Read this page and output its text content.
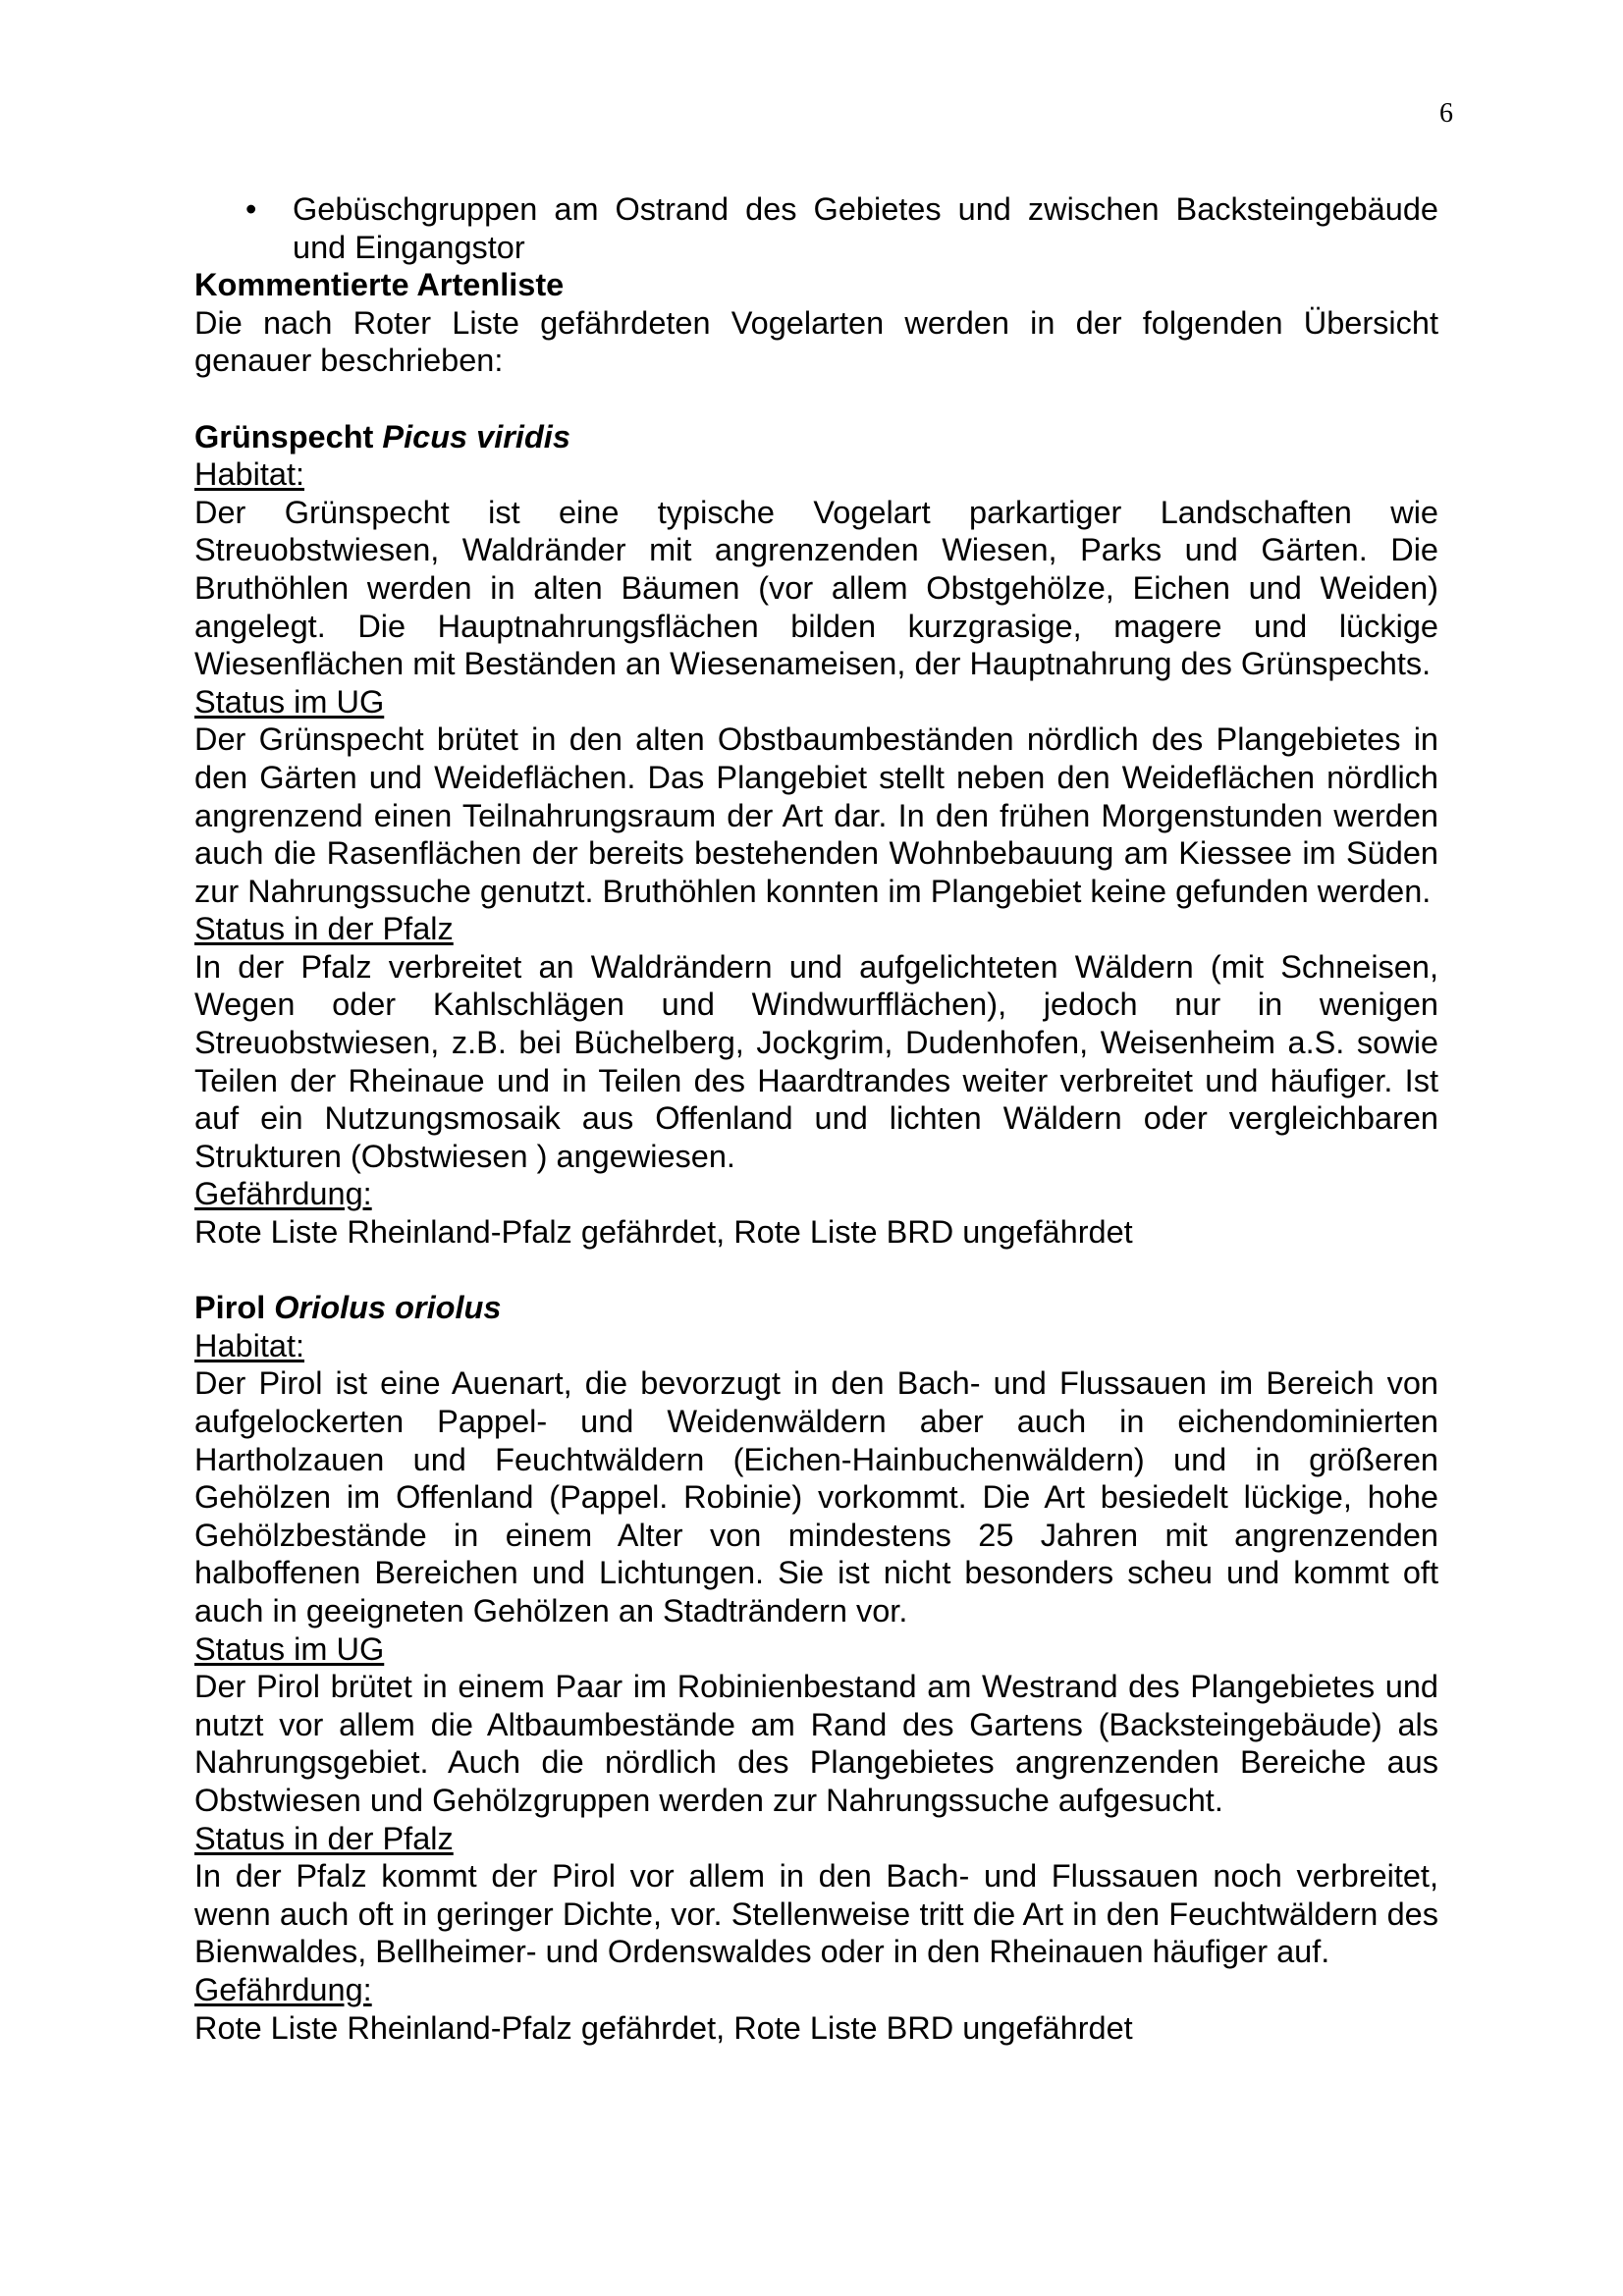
6
•	Gebüschgruppen am Ostrand des Gebietes und zwischen Backsteingebäude und Eingangstor

Kommentierte Artenliste

Die nach Roter Liste gefährdeten Vogelarten werden in der folgenden Übersicht genauer beschrieben:

Grünspecht Picus viridis

Habitat:

Der Grünspecht ist eine typische Vogelart parkartiger Landschaften wie Streuobstwiesen, Waldränder mit angrenzenden Wiesen, Parks und Gärten. Die Bruthöhlen werden in alten Bäumen (vor allem Obstgehölze, Eichen und Weiden) angelegt. Die Hauptnahrungsflächen bilden kurzgrasige, magere und lückige Wiesenflächen mit Beständen an Wiesenameisen, der Hauptnahrung des Grünspechts.

Status im UG

Der Grünspecht brütet in den alten Obstbaumbeständen nördlich des Plangebietes in den Gärten und Weideflächen. Das Plangebiet stellt neben den Weideflächen nördlich angrenzend einen Teilnahrungsraum der Art dar. In den frühen Morgenstunden werden auch die Rasenflächen der bereits bestehenden Wohnbebauung am Kiessee im Süden zur Nahrungssuche genutzt. Bruthöhlen konnten im Plangebiet keine gefunden werden.

Status in der Pfalz

In der Pfalz verbreitet an Waldrändern und aufgelichteten Wäldern (mit Schneisen, Wegen oder Kahlschlägen und Windwurfflächen), jedoch nur in wenigen Streuobstwiesen, z.B. bei Büchelberg, Jockgrim, Dudenhofen, Weisenheim a.S. sowie Teilen der Rheinaue und in Teilen des Haardtrandes weiter verbreitet und häufiger. Ist auf ein Nutzungsmosaik aus Offenland und lichten Wäldern oder vergleichbaren Strukturen (Obstwiesen ) angewiesen.

Gefährdung:

Rote Liste Rheinland-Pfalz gefährdet, Rote Liste BRD ungefährdet

Pirol Oriolus oriolus

Habitat:

Der Pirol ist eine Auenart, die bevorzugt in den Bach- und Flussauen im Bereich von aufgelockerten Pappel- und Weidenwäldern aber auch in eichendominierten Hartholzauen und Feuchtwäldern (Eichen-Hainbuchenwäldern) und in größeren Gehölzen im Offenland (Pappel. Robinie) vorkommt. Die Art besiedelt lückige, hohe Gehölzbestände in einem Alter von mindestens 25 Jahren mit angrenzenden halboffenen Bereichen und Lichtungen. Sie ist nicht besonders scheu und kommt oft auch in geeigneten Gehölzen an Stadträndern vor.

Status im UG

Der Pirol brütet in einem Paar im Robinienbestand am Westrand des Plangebietes und nutzt vor allem die Altbaumbestände am Rand des Gartens (Backsteingebäude) als Nahrungsgebiet. Auch die nördlich des Plangebietes angrenzenden Bereiche aus Obstwiesen und Gehölzgruppen werden zur Nahrungssuche aufgesucht.

Status in der Pfalz

In der Pfalz kommt der Pirol vor allem in den Bach- und Flussauen noch verbreitet, wenn auch oft in geringer Dichte, vor. Stellenweise tritt die Art in den Feuchtwäldern des Bienwaldes, Bellheimer- und Ordenswaldes oder in den Rheinauen häufiger auf.

Gefährdung:

Rote Liste Rheinland-Pfalz gefährdet, Rote Liste BRD ungefährdet
